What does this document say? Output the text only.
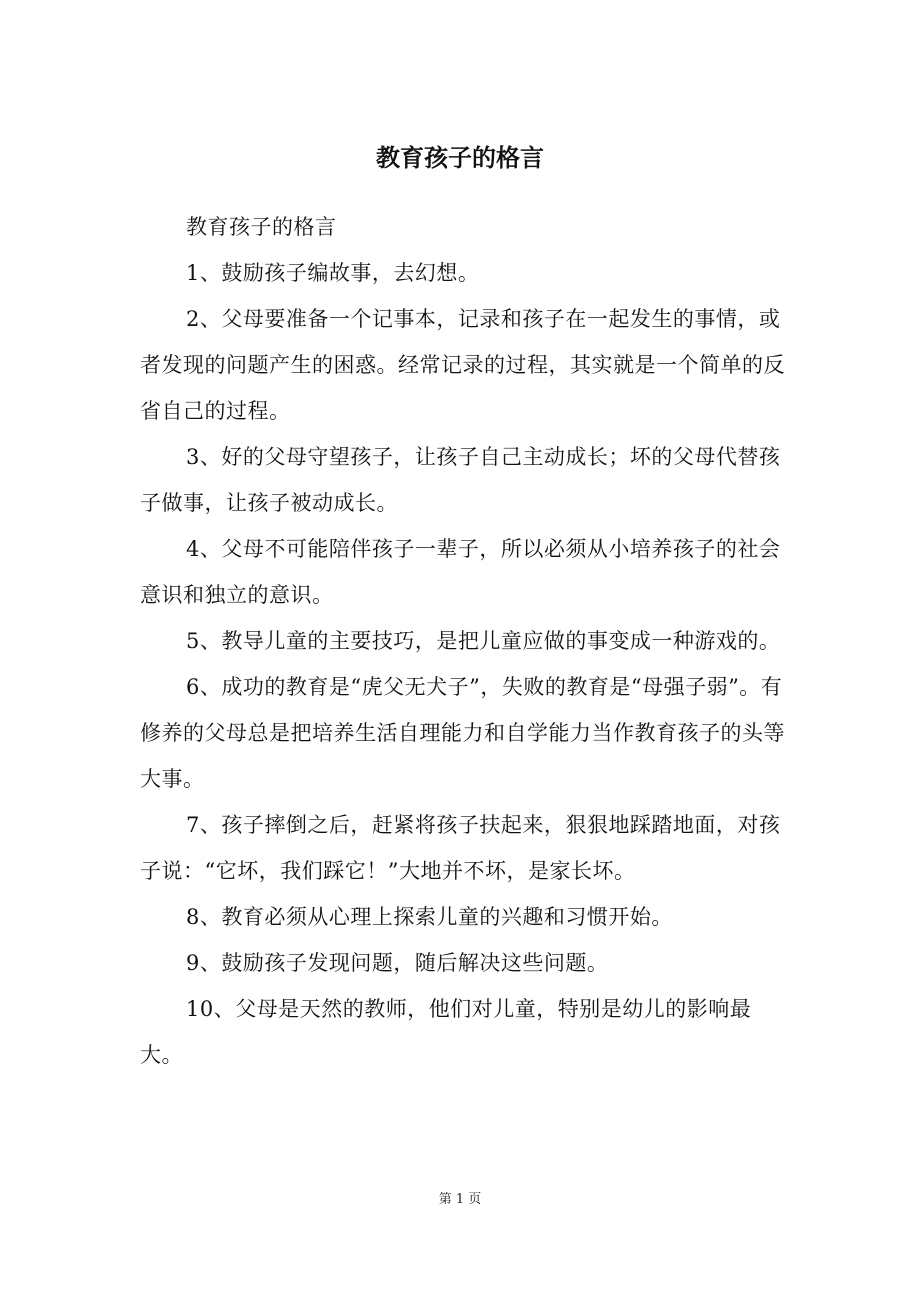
教育孩子的格言

教育孩子的格言

1、鼓励孩子编故事，去幻想。

2、父母要准备一个记事本，记录和孩子在一起发生的事情，或者发现的问题产生的困惑。经常记录的过程，其实就是一个简单的反省自己的过程。

3、好的父母守望孩子，让孩子自己主动成长；坏的父母代替孩子做事，让孩子被动成长。

4、父母不可能陪伴孩子一辈子，所以必须从小培养孩子的社会意识和独立的意识。

5、教导儿童的主要技巧，是把儿童应做的事变成一种游戏的。

6、成功的教育是“虎父无犬子”，失败的教育是“母强子弱”。有修养的父母总是把培养生活自理能力和自学能力当作教育孩子的头等大事。

7、孩子摔倒之后，赶紧将孩子扶起来，狠狠地踩踏地面，对孩子说：“它坏，我们踩它！”大地并不坏，是家长坏。

8、教育必须从心理上探索儿童的兴趣和习惯开始。

9、鼓励孩子发现问题，随后解决这些问题。

10、父母是天然的教师，他们对儿童，特别是幼儿的影响最大。

第 1 页
